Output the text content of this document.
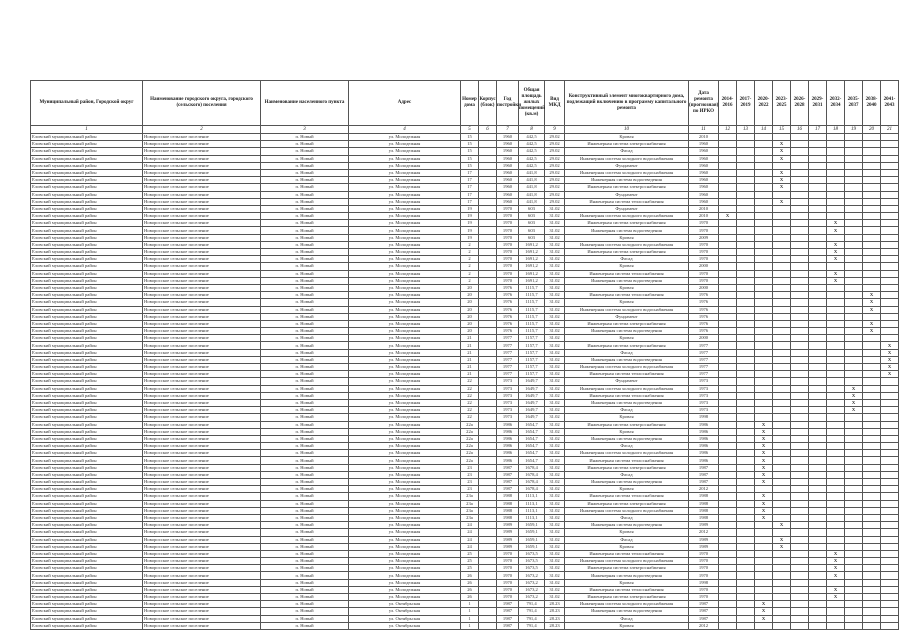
Муниципальный район, Городской округ	Наименование городского округа, городского (сельского) поселения	Наименование населенного пункта	Адрес	Номер дома	Корпус (блок)	Год постройки	Общая площадь жилых помещений (кв.м)	Вид МКД	Конструктивный элемент многоквартирного дома, подлежащий включению в программу капитального ремонта	Дата ремонта (прогнозная) по ИРКО	2014-2016	2017-2019	2020-2022	2023-2025	2026-2028	2029-2031	2032-2034	2035-2037	2038-2040	2041-2043
1	2	3	4	5	6	7	8	9	10	11	12	13	14	15	16	17	18	19	20	21
Еловский муниципальный район	Новоросское сельское поселение	п. Новый	ул. Молодежная	15		1960	442,5	29.02	Кровля	2010										
Еловский муниципальный район	Новоросское сельское поселение	п. Новый	ул. Молодежная	15		1960	442,5	29.02	Инженерная система электроснабжения	1960				X						
Еловский муниципальный район	Новоросское сельское поселение	п. Новый	ул. Молодежная	15		1960	442,5	29.02	Фасад	1960				X						
Еловский муниципальный район	Новоросское сельское поселение	п. Новый	ул. Молодежная	15		1960	442,5	29.02	Инженерная система холодного водоснабжения	1960				X						
Еловский муниципальный район	Новоросское сельское поселение	п. Новый	ул. Молодежная	15		1960	442,5	29.02	Фундамент	1960										
Еловский муниципальный район	Новоросское сельское поселение	п. Новый	ул. Молодежная	17		1960	441,8	29.02	Инженерная система холодного водоснабжения	1960				X						
Еловский муниципальный район	Новоросское сельское поселение	п. Новый	ул. Молодежная	17		1960	441,8	29.02	Инженерная система водоотведения	1960				X						
Еловский муниципальный район	Новоросское сельское поселение	п. Новый	ул. Молодежная	17		1960	441,8	29.02	Инженерная система электроснабжения	1960				X						
Еловский муниципальный район	Новоросское сельское поселение	п. Новый	ул. Молодежная	17		1960	441,8	29.02	Фундамент	1960										
Еловский муниципальный район	Новоросское сельское поселение	п. Новый	ул. Молодежная	17		1960	441,8	29.02	Инженерная система теплоснабжения	1960				X						
Еловский муниципальный район	Новоросское сельское поселение	п. Новый	ул. Молодежная	19		1970	603	31.02	Фундамент	2010										
Еловский муниципальный район	Новоросское сельское поселение	п. Новый	ул. Молодежная	19		1970	603	31.02	Инженерная система холодного водоснабжения	2010	X									
Еловский муниципальный район	Новоросское сельское поселение	п. Новый	ул. Молодежная	19		1970	603	31.02	Инженерная система электроснабжения	1970							X			
Еловский муниципальный район	Новоросское сельское поселение	п. Новый	ул. Молодежная	19		1970	603	31.02	Инженерная система водоотведения	1970							X			
Еловский муниципальный район	Новоросское сельское поселение	п. Новый	ул. Молодежная	19		1970	603	31.02	Кровля	2009										
Еловский муниципальный район	Новоросское сельское поселение	п. Новый	ул. Молодежная	2		1970	1691,2	31.02	Инженерная система холодного водоснабжения	1970							X			
Еловский муниципальный район	Новоросское сельское поселение	п. Новый	ул. Молодежная	2		1970	1691,2	31.02	Инженерная система электроснабжения	1970							X			
Еловский муниципальный район	Новоросское сельское поселение	п. Новый	ул. Молодежная	2		1970	1691,2	31.02	Фасад	1970							X			
Еловский муниципальный район	Новоросское сельское поселение	п. Новый	ул. Молодежная	2		1970	1691,2	31.02	Кровля	2000										
Еловский муниципальный район	Новоросское сельское поселение	п. Новый	ул. Молодежная	2		1970	1691,2	31.02	Инженерная система теплоснабжения	1970							X			
Еловский муниципальный район	Новоросское сельское поселение	п. Новый	ул. Молодежная	2		1970	1691,2	31.02	Инженерная система водоотведения	1970							X			
Еловский муниципальный район	Новоросское сельское поселение	п. Новый	ул. Молодежная	20		1976	1115,7	31.02	Кровля	2000										
Еловский муниципальный район	Новоросское сельское поселение	п. Новый	ул. Молодежная	20		1976	1115,7	31.02	Инженерная система теплоснабжения	1976									X	
Еловский муниципальный район	Новоросское сельское поселение	п. Новый	ул. Молодежная	20		1976	1115,7	31.02	Кровля	1976									X	
Еловский муниципальный район	Новоросское сельское поселение	п. Новый	ул. Молодежная	20		1976	1115,7	31.02	Инженерная система холодного водоснабжения	1976									X	
Еловский муниципальный район	Новоросское сельское поселение	п. Новый	ул. Молодежная	20		1976	1115,7	31.02	Фундамент	1976										
Еловский муниципальный район	Новоросское сельское поселение	п. Новый	ул. Молодежная	20		1976	1115,7	31.02	Инженерная система электроснабжения	1976									X	
Еловский муниципальный район	Новоросское сельское поселение	п. Новый	ул. Молодежная	20		1976	1115,7	31.02	Инженерная система водоотведения	1976									X	
Еловский муниципальный район	Новоросское сельское поселение	п. Новый	ул. Молодежная	21		1977	1157,7	31.02	Кровля	2000										
Еловский муниципальный район	Новоросское сельское поселение	п. Новый	ул. Молодежная	21		1977	1157,7	31.02	Инженерная система электроснабжения	1977										X
Еловский муниципальный район	Новоросское сельское поселение	п. Новый	ул. Молодежная	21		1977	1157,7	31.02	Фасад	1977										X
Еловский муниципальный район	Новоросское сельское поселение	п. Новый	ул. Молодежная	21		1977	1157,7	31.02	Инженерная система водоотведения	1977										X
Еловский муниципальный район	Новоросское сельское поселение	п. Новый	ул. Молодежная	21		1977	1157,7	31.02	Инженерная система холодного водоснабжения	1977										X
Еловский муниципальный район	Новоросское сельское поселение	п. Новый	ул. Молодежная	21		1977	1157,7	31.02	Инженерная система теплоснабжения	1977										X
Еловский муниципальный район	Новоросское сельское поселение	п. Новый	ул. Молодежная	22		1973	1649,7	31.02	Фундамент	1973										
Еловский муниципальный район	Новоросское сельское поселение	п. Новый	ул. Молодежная	22		1973	1649,7	31.02	Инженерная система холодного водоснабжения	1973								X		
Еловский муниципальный район	Новоросское сельское поселение	п. Новый	ул. Молодежная	22		1973	1649,7	31.02	Инженерная система теплоснабжения	1973								X		
Еловский муниципальный район	Новоросское сельское поселение	п. Новый	ул. Молодежная	22		1973	1649,7	31.02	Инженерная система водоотведения	1973								X		
Еловский муниципальный район	Новоросское сельское поселение	п. Новый	ул. Молодежная	22		1973	1649,7	31.02	Фасад	1973								X		
Еловский муниципальный район	Новоросское сельское поселение	п. Новый	ул. Молодежная	22		1973	1649,7	31.02	Кровля	1998										
Еловский муниципальный район	Новоросское сельское поселение	п. Новый	ул. Молодежная	22а		1986	1654,7	31.02	Инженерная система электроснабжения	1986			X							
Еловский муниципальный район	Новоросское сельское поселение	п. Новый	ул. Молодежная	22а		1986	1654,7	31.02	Кровля	1986			X							
Еловский муниципальный район	Новоросское сельское поселение	п. Новый	ул. Молодежная	22а		1986	1654,7	31.02	Инженерная система водоотведения	1986			X							
Еловский муниципальный район	Новоросское сельское поселение	п. Новый	ул. Молодежная	22а		1986	1654,7	31.02	Фасад	1986			X							
Еловский муниципальный район	Новоросское сельское поселение	п. Новый	ул. Молодежная	22а		1986	1654,7	31.02	Инженерная система холодного водоснабжения	1986			X							
Еловский муниципальный район	Новоросское сельское поселение	п. Новый	ул. Молодежная	22а		1986	1654,7	31.02	Инженерная система теплоснабжения	1986			X							
Еловский муниципальный район	Новоросское сельское поселение	п. Новый	ул. Молодежная	23		1987	1678,4	31.02	Инженерная система электроснабжения	1987			X							
Еловский муниципальный район	Новоросское сельское поселение	п. Новый	ул. Молодежная	23		1987	1678,4	31.02	Фасад	1987			X							
Еловский муниципальный район	Новоросское сельское поселение	п. Новый	ул. Молодежная	23		1987	1678,4	31.02	Инженерная система водоотведения	1987			X							
Еловский муниципальный район	Новоросское сельское поселение	п. Новый	ул. Молодежная	23		1987	1678,4	31.02	Кровля	2012										
Еловский муниципальный район	Новоросское сельское поселение	п. Новый	ул. Молодежная	23а		1988	1113,1	31.02	Инженерная система теплоснабжения	1988			X							
Еловский муниципальный район	Новоросское сельское поселение	п. Новый	ул. Молодежная	23а		1988	1113,1	31.02	Инженерная система электроснабжения	1988			X							
Еловский муниципальный район	Новоросское сельское поселение	п. Новый	ул. Молодежная	23а		1988	1113,1	31.02	Инженерная система холодного водоснабжения	1988			X							
Еловский муниципальный район	Новоросское сельское поселение	п. Новый	ул. Молодежная	23а		1988	1113,1	31.02	Фасад	1988			X							
Еловский муниципальный район	Новоросское сельское поселение	п. Новый	ул. Молодежная	24		1989	1659,1	31.02	Инженерная система водоотведения	1989				X						
Еловский муниципальный район	Новоросское сельское поселение	п. Новый	ул. Молодежная	24		1989	1659,1	31.02	Кровля	2012										
Еловский муниципальный район	Новоросское сельское поселение	п. Новый	ул. Молодежная	24		1989	1659,1	31.02	Фасад	1989				X						
Еловский муниципальный район	Новоросское сельское поселение	п. Новый	ул. Молодежная	24		1989	1659,1	31.02	Кровля	1989				X						
Еловский муниципальный район	Новоросское сельское поселение	п. Новый	ул. Молодежная	25		1970	1673,5	31.02	Инженерная система теплоснабжения	1970							X			
Еловский муниципальный район	Новоросское сельское поселение	п. Новый	ул. Молодежная	25		1970	1673,5	31.02	Инженерная система холодного водоснабжения	1970							X			
Еловский муниципальный район	Новоросское сельское поселение	п. Новый	ул. Молодежная	25		1970	1673,5	31.02	Инженерная система электроснабжения	1970							X			
Еловский муниципальный район	Новоросское сельское поселение	п. Новый	ул. Молодежная	26		1970	1673,2	31.02	Инженерная система водоотведения	1970							X			
Еловский муниципальный район	Новоросское сельское поселение	п. Новый	ул. Молодежная	26		1970	1673,2	31.02	Кровля	1998										
Еловский муниципальный район	Новоросское сельское поселение	п. Новый	ул. Молодежная	26		1970	1673,2	31.02	Инженерная система теплоснабжения	1970							X			
Еловский муниципальный район	Новоросское сельское поселение	п. Новый	ул. Молодежная	26		1970	1673,2	31.02	Инженерная система электроснабжения	1970							X			
Еловский муниципальный район	Новоросское сельское поселение	п. Новый	ул. Октябрьская	1		1987	791,4	28.23	Инженерная система холодного водоснабжения	1987			X							
Еловский муниципальный район	Новоросское сельское поселение	п. Новый	ул. Октябрьская	1		1987	791,4	28.23	Инженерная система водоотведения	1987			X							
Еловский муниципальный район	Новоросское сельское поселение	п. Новый	ул. Октябрьская	1		1987	791,4	28.23	Фасад	1987			X							
Еловский муниципальный район	Новоросское сельское поселение	п. Новый	ул. Октябрьская	1		1987	791,4	28.23	Кровля	2012										
